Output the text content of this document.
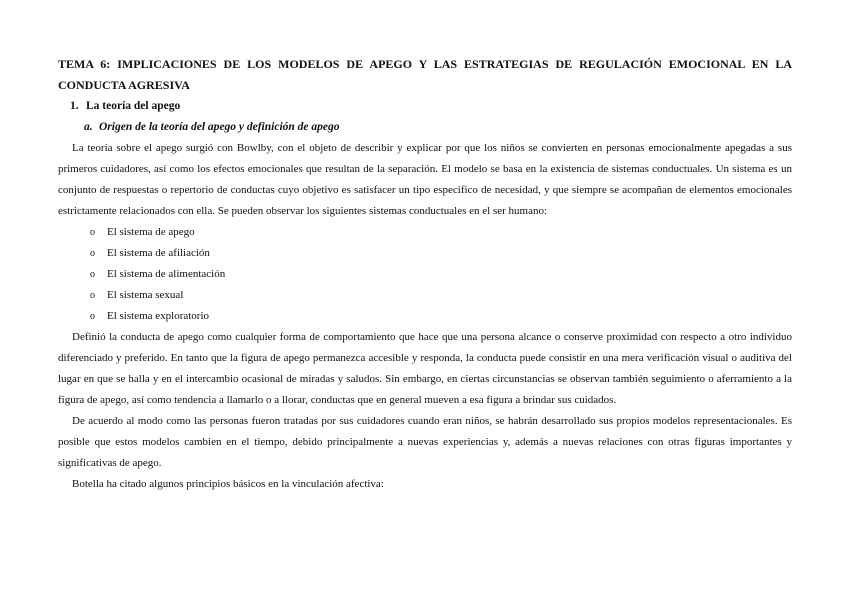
TEMA 6: IMPLICACIONES DE LOS MODELOS DE APEGO Y LAS ESTRATEGIAS DE REGULACIÓN EMOCIONAL EN LA CONDUCTA AGRESIVA

1. La teoría del apego

a. Origen de la teoría del apego y definición de apego

La teoría sobre el apego surgió con Bowlby, con el objeto de describir y explicar por que los niños se convierten en personas emocionalmente apegadas a sus primeros cuidadores, así como los efectos emocionales que resultan de la separación. El modelo se basa en la existencia de sistemas conductuales. Un sistema es un conjunto de respuestas o repertorio de conductas cuyo objetivo es satisfacer un tipo especifico de necesidad, y que siempre se acompañan de elementos emocionales estrictamente relacionados con ella. Se pueden observar los siguientes sistemas conductuales en el ser humano:

o El sistema de apego
o El sistema de afiliación
o El sistema de alimentación
o El sistema sexual
o El sistema exploratorio

Definió la conducta de apego como cualquier forma de comportamiento que hace que una persona alcance o conserve proximidad con respecto a otro individuo diferenciado y preferido. En tanto que la figura de apego permanezca accesible y responda, la conducta puede consistir en una mera verificación visual o auditiva del lugar en que se halla y en el intercambio ocasional de miradas y saludos. Sin embargo, en ciertas circunstancias se observan también seguimiento o aferramiento a la figura de apego, así como tendencia a llamarlo o a llorar, conductas que en general mueven a esa figura a brindar sus cuidados.

De acuerdo al modo como las personas fueron tratadas por sus cuidadores cuando eran niños, se habrán desarrollado sus propios modelos representacionales. Es posible que estos modelos cambien en el tiempo, debido principalmente a nuevas experiencias y, además a nuevas relaciones con otras figuras importantes y significativas de apego.

Botella ha citado algunos principios básicos en la vinculación afectiva:
